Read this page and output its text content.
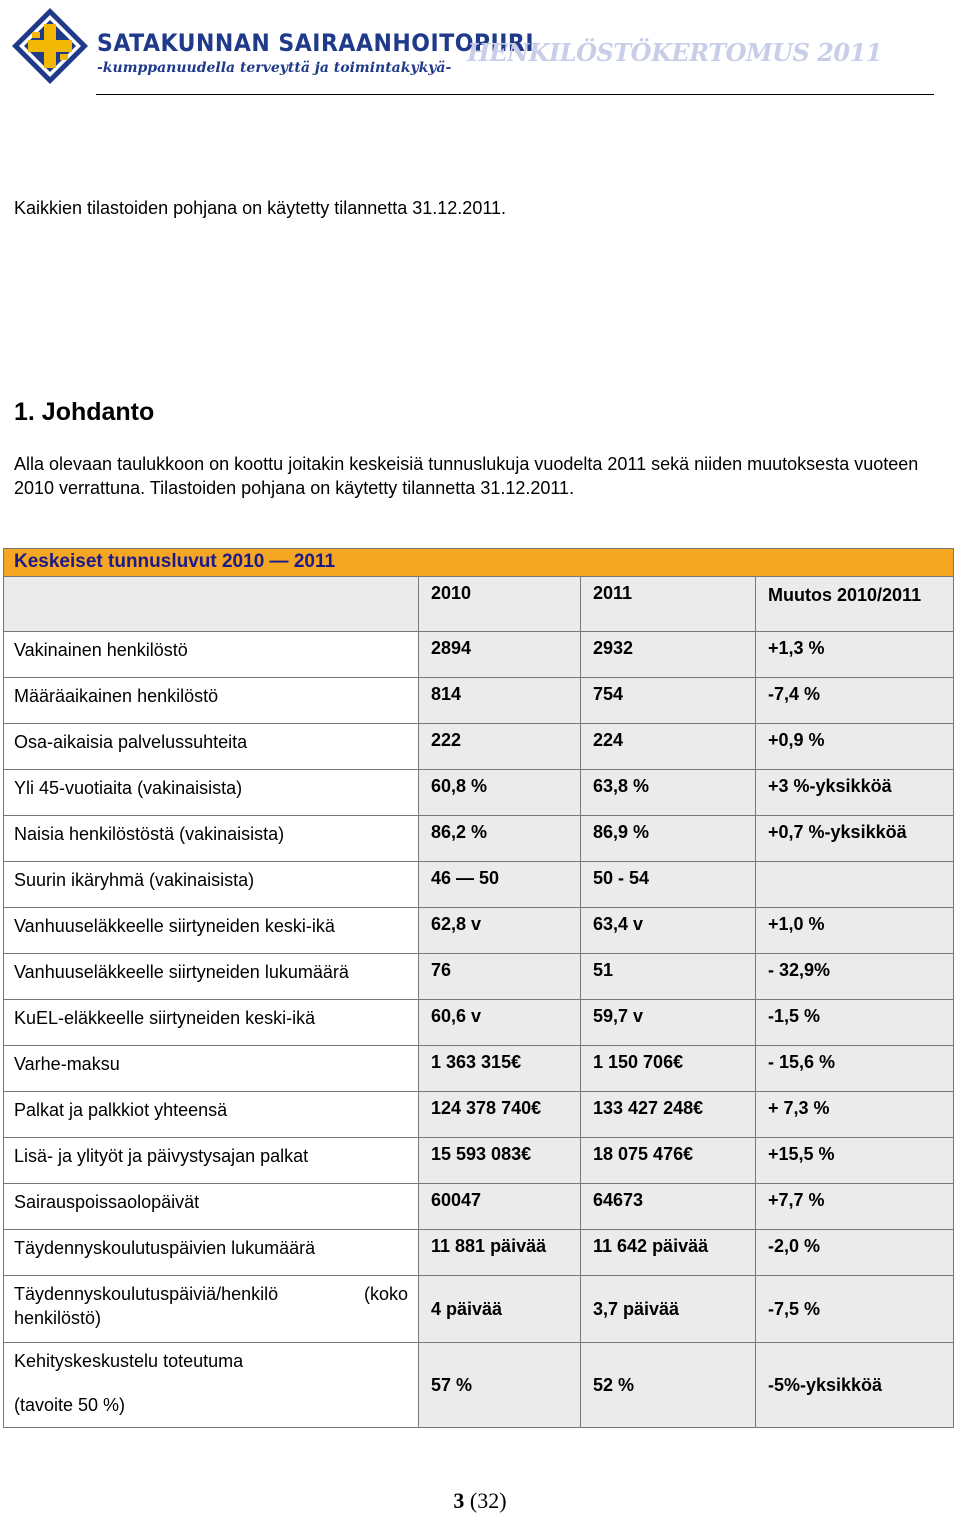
SATAKUNNAN SAIRAANHOITOPIIRI
-kumppanuudella terveyttä ja toimintakykyä-
HENKILÖSTÖKERTOMUS 2011
Kaikkien tilastoiden pohjana on käytetty tilannetta 31.12.2011.
1. Johdanto
Alla olevaan taulukkoon on koottu joitakin keskeisiä tunnuslukuja vuodelta 2011 sekä niiden muutoksesta vuoteen 2010 verrattuna. Tilastoiden pohjana on käytetty tilannetta 31.12.2011.
Keskeiset tunnusluvut 2010 — 2011			
	2010	2011	Muutos 2010/2011
Vakinainen henkilöstö	2894	2932	+1,3 %
Määräaikainen henkilöstö	814	754	-7,4 %
Osa-aikaisia palvelussuhteita	222	224	+0,9 %
Yli 45-vuotiaita (vakinaisista)	60,8 %	63,8 %	+3 %-yksikköä
Naisia henkilöstöstä (vakinaisista)	86,2 %	86,9 %	+0,7 %-yksikköä
Suurin ikäryhmä (vakinaisista)	46 — 50	50 - 54	
Vanhuuseläkkeelle siirtyneiden keski-ikä	62,8 v	63,4 v	+1,0 %
Vanhuuseläkkeelle siirtyneiden lukumäärä	76	51	- 32,9%
KuEL-eläkkeelle siirtyneiden keski-ikä	60,6 v	59,7 v	-1,5 %
Varhe-maksu	1 363 315€	1 150 706€	- 15,6 %
Palkat ja palkkiot yhteensä	124 378 740€	133 427 248€	+ 7,3 %
Lisä- ja ylityöt ja päivystysajan palkat	15 593 083€	18 075 476€	+15,5 %
Sairauspoissaolopäivät	60047	64673	+7,7 %
Täydennyskoulutuspäivien lukumäärä	11 881 päivää	11 642 päivää	-2,0 %

Täydennyskoulutuspäiviä/henkilö (koko
henkilöstö)	4 päivää	3,7 päivää	-7,5 %

Kehityskeskustelu toteutuma
(tavoite 50 %)	57 %	52 %	-5%-yksikköä
3 (32)
